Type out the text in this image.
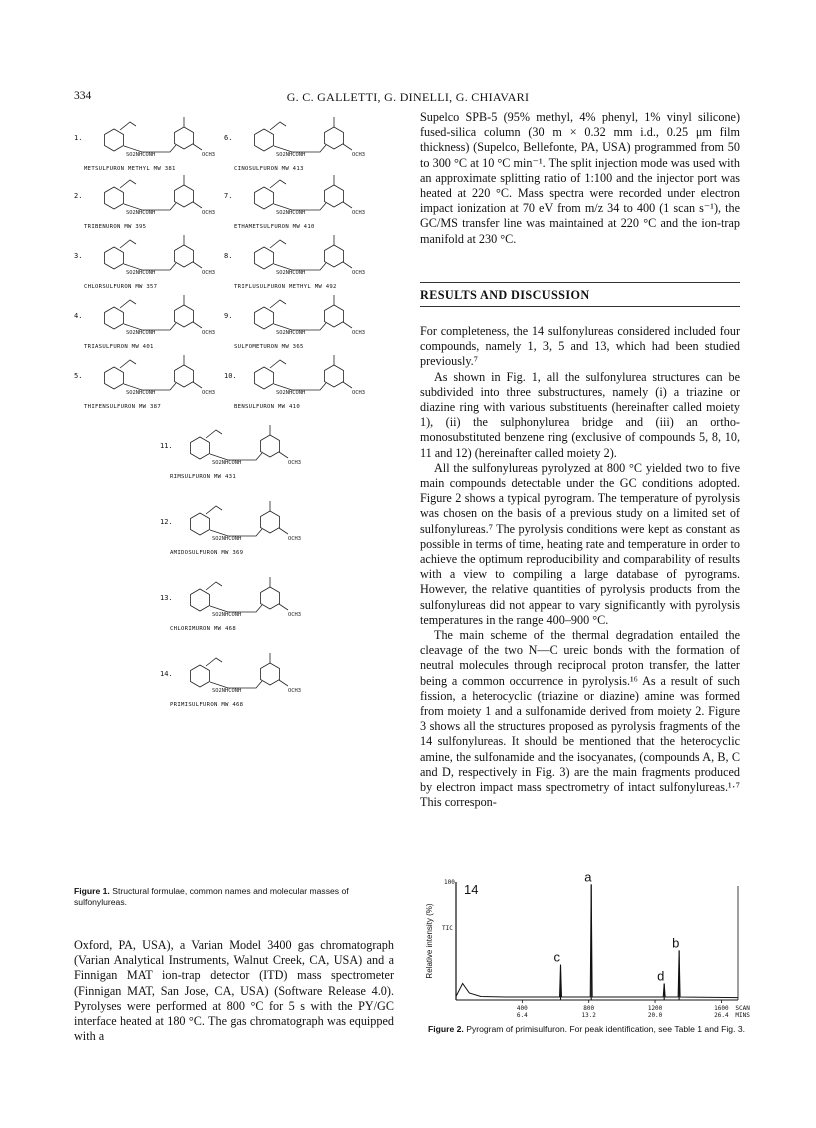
334	G. C. GALLETTI, G. DINELLI, G. CHIAVARI
SO2NHCONH	OCH3
1.
METSULFURON METHYL MW 381
SO2NHCONH	OCH3
2.
TRIBENURON MW 395
SO2NHCONH	OCH3
3.
CHLORSULFURON MW 357
SO2NHCONH	OCH3
4.
TRIASULFURON MW 401
SO2NHCONH	OCH3
5.
THIFENSULFURON MW 387
SO2NHCONH	OCH3
6.
CINOSULFURON MW 413
SO2NHCONH	OCH3
7.
ETHAMETSULFURON MW 410
SO2NHCONH	OCH3
8.
TRIFLUSULFURON METHYL MW 492
SO2NHCONH	OCH3
9.
SULFOMETURON MW 365
SO2NHCONH	OCH3
10.
BENSULFURON MW 410
SO2NHCONH	OCH3
11.
RIMSULFURON MW 431
SO2NHCONH	OCH3
12.
AMIDOSULFURON MW 369
SO2NHCONH	OCH3
13.
CHLORIMURON MW 468
SO2NHCONH	OCH3
14.
PRIMISULFURON MW 468
Figure 1. Structural formulae, common names and molecular masses of sulfonylureas.
Oxford, PA, USA), a Varian Model 3400 gas chromatograph (Varian Analytical Instruments, Walnut Creek, CA, USA) and a Finnigan MAT ion-trap detector (ITD) mass spectrometer (Finnigan MAT, San Jose, CA, USA) (Software Release 4.0). Pyrolyses were performed at 800 °C for 5 s with the PY/GC interface heated at 180 °C. The gas chromatograph was equipped with a
Supelco SPB-5 (95% methyl, 4% phenyl, 1% vinyl silicone) fused-silica column (30 m × 0.32 mm i.d., 0.25 μm film thickness) (Supelco, Bellefonte, PA, USA) programmed from 50 to 300 °C at 10 °C min⁻¹. The split injection mode was used with an approximate splitting ratio of 1:100 and the injector port was heated at 220 °C. Mass spectra were recorded under electron impact ionization at 70 eV from m/z 34 to 400 (1 scan s⁻¹), the GC/MS transfer line was maintained at 220 °C and the ion-trap manifold at 230 °C.
RESULTS AND DISCUSSION

For completeness, the 14 sulfonylureas considered included four compounds, namely 1, 3, 5 and 13, which had been studied previously.⁷

As shown in Fig. 1, all the sulfonylurea structures can be subdivided into three substructures, namely (i) a triazine or diazine ring with various substituents (hereinafter called moiety 1), (ii) the sulphonylurea bridge and (iii) an ortho-monosubstituted benzene ring (exclusive of compounds 5, 8, 10, 11 and 12) (hereinafter called moiety 2).

All the sulfonylureas pyrolyzed at 800 °C yielded two to five main compounds detectable under the GC conditions adopted. Figure 2 shows a typical pyrogram. The temperature of pyrolysis was chosen on the basis of a previous study on a limited set of sulfonylureas.⁷ The pyrolysis conditions were kept as constant as possible in terms of time, heating rate and temperature in order to achieve the optimum reproducibility and comparability of results with a view to compiling a large database of pyrograms. However, the relative quantities of pyrolysis products from the sulfonylureas did not appear to vary significantly with pyrolysis temperatures in the range 400–900 °C.

The main scheme of the thermal degradation entailed the cleavage of the two N—C ureic bonds with the formation of neutral molecules through reciprocal proton transfer, the latter being a common occurrence in pyrolysis.¹⁶ As a result of such fission, a heterocyclic (triazine or diazine) amine was formed from moiety 1 and a sulfonamide derived from moiety 2. Figure 3 shows all the structures proposed as pyrolysis fragments of the 14 sulfonylureas. It should be mentioned that the heterocyclic amine, the sulfonamide and the isocyanates, (compounds A, B, C and D, respectively in Fig. 3) are the main fragments produced by electron impact mass spectrometry of intact sulfonylureas.¹·⁷ This correspon-

Relative intensity (%)
100
TIC
14
c
a
d
b
400
6.4
800
13.2
1200
20.0
1600
26.4
SCAN
MINS
Figure 2. Pyrogram of primisulfuron. For peak identification, see Table 1 and Fig. 3.
